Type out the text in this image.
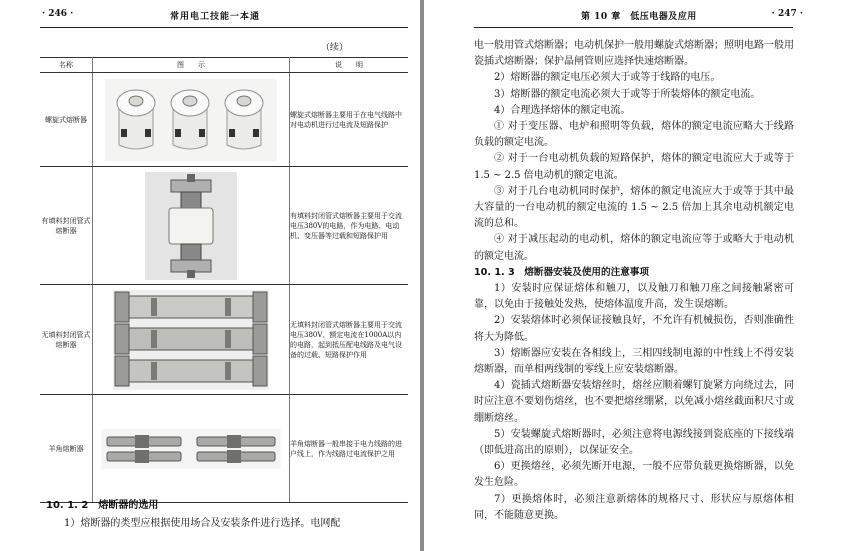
· 246 ·	常用电工技能一本通
（续）
名称	图　　示	说　　明
螺旋式熔断器		螺旋式熔断器主要用于在电气线路中对电动机进行过电流及短路保护
有填料封闭管式熔断器		有填料封闭管式熔断器主要用于交流电压380V的电路，作为电路、电动机、变压器等过载和短路保护用
无填料封闭管式熔断器		无填料封闭管式熔断器主要用于交流电压380V、额定电流在1000A以内的电路，起到抵压配电线路及电气设备的过载、短路保护作用
羊角熔断器		羊角熔断器一般串接于电力线路的进户线上，作为线路过电流保护之用
10. 1. 2　熔断器的选用
1）熔断器的类型应根据使用场合及安装条件进行选择。电网配
第 10 章　低压电器及应用	· 247 ·

电一般用管式熔断器；电动机保护一般用螺旋式熔断器；照明电路一般用瓷插式熔断器；保护晶闸管则应选择快速熔断器。

2）熔断器的额定电压必须大于或等于线路的电压。

3）熔断器的额定电流必须大于或等于所装熔体的额定电流。

4）合理选择熔体的额定电流。

① 对于变压器、电炉和照明等负载，熔体的额定电流应略大于线路负载的额定电流。

② 对于一台电动机负载的短路保护，熔体的额定电流应大于或等于 1.5 ~ 2.5 倍电动机的额定电流。

③ 对于几台电动机同时保护，熔体的额定电流应大于或等于其中最大容量的一台电动机的额定电流的 1.5 ~ 2.5 倍加上其余电动机额定电流的总和。

④ 对于减压起动的电动机，熔体的额定电流应等于或略大于电动机的额定电流。

10. 1. 3　熔断器安装及使用的注意事项

1）安装时应保证熔体和触刀，以及触刀和触刀座之间接触紧密可靠，以免由于接触处发热，使熔体温度升高，发生误熔断。

2）安装熔体时必须保证接触良好，不允许有机械损伤，否则准确性将大为降低。

3）熔断器应安装在各相线上，三相四线制电源的中性线上不得安装熔断器，而单相两线制的零线上应安装熔断器。

4）瓷插式熔断器安装熔丝时，熔丝应顺着螺钉旋紧方向绕过去，同时应注意不要划伤熔丝，也不要把熔丝绷紧，以免减小熔丝截面积尺寸或绷断熔丝。

5）安装螺旋式熔断器时，必须注意将电源线接到瓷底座的下接线端（即低进高出的原则），以保证安全。

6）更换熔丝，必须先断开电源，一般不应带负载更换熔断器，以免发生危险。

7）更换熔体时，必须注意新熔体的规格尺寸、形状应与原熔体相同，不能随意更换。
